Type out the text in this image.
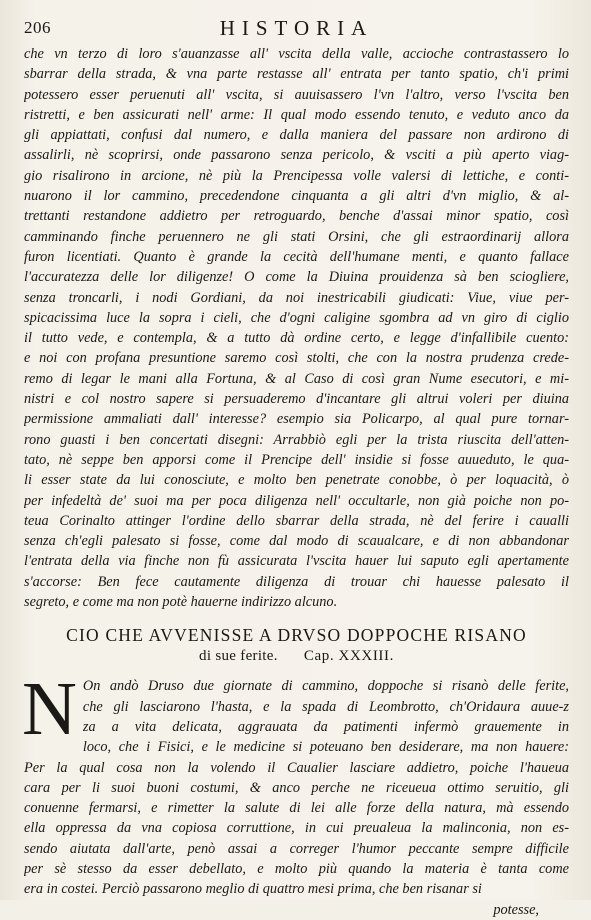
206	HISTORIA
che vn terzo di loro s'auanzasse all' vscita della valle, accioche contrastassero lo
sbarrar della strada, & vna parte restasse all' entrata per tanto spatio, ch'i primi
potessero esser peruenuti all' vscita, si auuisassero l'vn l'altro, verso l'vscita ben
ristretti, e ben assicurati nell' arme: Il qual modo essendo tenuto, e veduto anco da
gli appiattati, confusi dal numero, e dalla maniera del passare non ardirono di
assalirli, nè scoprirsi, onde passarono senza pericolo, & vsciti a più aperto viag-
gio risalirono in arcione, nè più la Prencipessa volle valersi di lettiche, e conti-
nuarono il lor cammino, precedendone cinquanta a gli altri d'vn miglio, & al-
trettanti restandone addietro per retroguardo, benche d'assai minor spatio, così
camminando finche peruennero ne gli stati Orsini, che gli estraordinarij allora
furon licentiati. Quanto è grande la cecità dell'humane menti, e quanto fallace
l'accuratezza delle lor diligenze! O come la Diuina prouidenza sà ben sciogliere,
senza troncarli, i nodi Gordiani, da noi inestricabili giudicati: Viue, viue per-
spicacissima luce la sopra i cieli, che d'ogni caligine sgombra ad vn giro di ciglio
il tutto vede, e contempla, & a tutto dà ordine certo, e legge d'infallibile cuento:
e noi con profana presuntione saremo così stolti, che con la nostra prudenza crede-
remo di legar le mani alla Fortuna, & al Caso di così gran Nume esecutori, e mi-
nistri e col nostro sapere si persuaderemo d'incantare gli altrui voleri per diuina
permissione ammaliati dall' interesse? esempio sia Policarpo, al qual pure tornar-
rono guasti i ben concertati disegni: Arrabbiò egli per la trista riuscita dell'atten-
tato, nè seppe ben apporsi come il Prencipe dell' insidie si fosse auueduto, le qua-
li esser state da lui conosciute, e molto ben penetrate conobbe, ò per loquacità, ò
per infedeltà de' suoi ma per poca diligenza nell' occultarle, non già poiche non po-
teua Corinalto attinger l'ordine dello sbarrar della strada, nè del ferire i caualli
senza ch'egli palesato si fosse, come dal modo di scaualcare, e di non abbandonar
l'entrata della via finche non fù assicurata l'vscita hauer lui saputo egli apertamente
s'accorse: Ben fece cautamente diligenza di trouar chi hauesse palesato il
segreto, e come ma non potè hauerne indirizzo alcuno.
CIO CHE AVVENISSE A DRVSO DOPPOCHE RISANO
di sue ferite. Cap. XXXIII.
N On andò Druso due giornate di cammino, doppoche si risanò delle ferite,
che gli lasciarono l'hasta, e la spada di Leombrotto, ch'Oridaura auue-z
za a vita delicata, aggrauata da patimenti infermò grauemente in
loco, che i Fisici, e le medicine si poteuano ben desiderare, ma non hauere:
Per la qual cosa non la volendo il Caualier lasciare addietro, poiche l'haueua
cara per li suoi buoni costumi, & anco perche ne riceueua ottimo seruitio, gli
conuenne fermarsi, e rimetter la salute di lei alle forze della natura, mà essendo
ella oppressa da vna copiosa corruttione, in cui preualeua la malinconia, non es-
sendo aiutata dall'arte, penò assai a correger l'humor peccante sempre difficile
per sè stesso da esser debellato, e molto più quando la materia è tanta come
era in costei. Perciò passarono meglio di quattro mesi prima, che ben risanar si
potesse,
